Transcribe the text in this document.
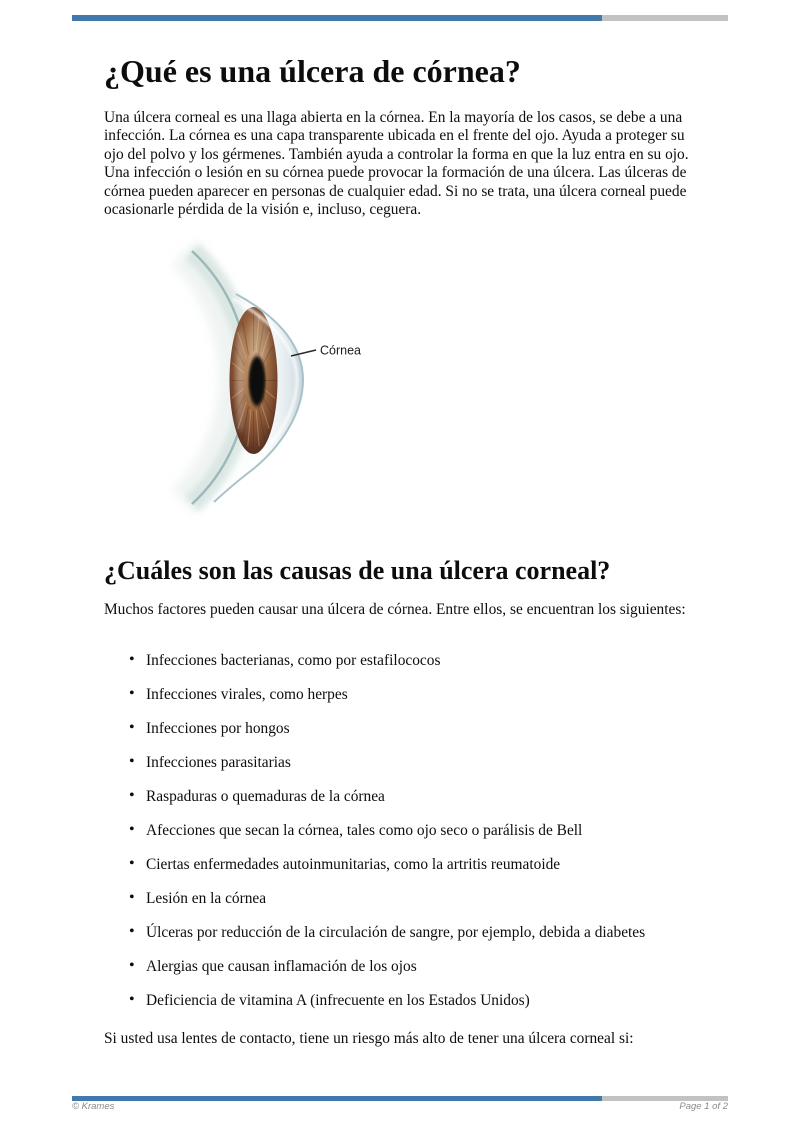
¿Qué es una úlcera de córnea?

Una úlcera corneal es una llaga abierta en la córnea. En la mayoría de los casos, se debe a una infección. La córnea es una capa transparente ubicada en el frente del ojo. Ayuda a proteger su ojo del polvo y los gérmenes. También ayuda a controlar la forma en que la luz entra en su ojo. Una infección o lesión en su córnea puede provocar la formación de una úlcera. Las úlceras de córnea pueden aparecer en personas de cualquier edad. Si no se trata, una úlcera corneal puede ocasionarle pérdida de la visión e, incluso, ceguera.

Córnea
¿Cuáles son las causas de una úlcera corneal?

Muchos factores pueden causar una úlcera de córnea. Entre ellos, se encuentran los siguientes:

• Infecciones bacterianas, como por estafilococos
• Infecciones virales, como herpes
• Infecciones por hongos
• Infecciones parasitarias
• Raspaduras o quemaduras de la córnea
• Afecciones que secan la córnea, tales como ojo seco o parálisis de Bell
• Ciertas enfermedades autoinmunitarias, como la artritis reumatoide
• Lesión en la córnea
• Úlceras por reducción de la circulación de sangre, por ejemplo, debida a diabetes
• Alergias que causan inflamación de los ojos
• Deficiencia de vitamina A (infrecuente en los Estados Unidos)

Si usted usa lentes de contacto, tiene un riesgo más alto de tener una úlcera corneal si:

© Krames	Page 1 of 2
